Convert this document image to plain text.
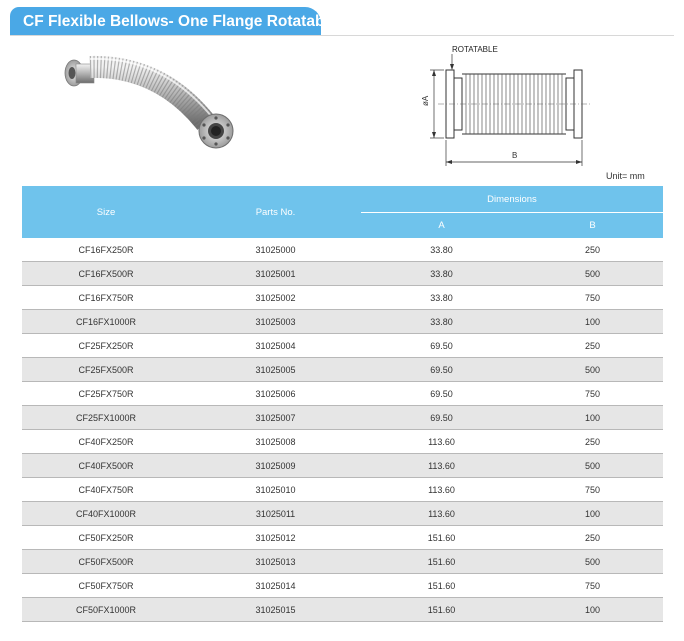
CF Flexible Bellows- One Flange Rotatable
øA
B
ROTATABLE
Unit= mm
Size	Parts No.	Dimensions	
		A	B
CF16FX250R	31025000	33.80	250
CF16FX500R	31025001	33.80	500
CF16FX750R	31025002	33.80	750
CF16FX1000R	31025003	33.80	100
CF25FX250R	31025004	69.50	250
CF25FX500R	31025005	69.50	500
CF25FX750R	31025006	69.50	750
CF25FX1000R	31025007	69.50	100
CF40FX250R	31025008	113.60	250
CF40FX500R	31025009	113.60	500
CF40FX750R	31025010	113.60	750
CF40FX1000R	31025011	113.60	100
CF50FX250R	31025012	151.60	250
CF50FX500R	31025013	151.60	500
CF50FX750R	31025014	151.60	750
CF50FX1000R	31025015	151.60	100
